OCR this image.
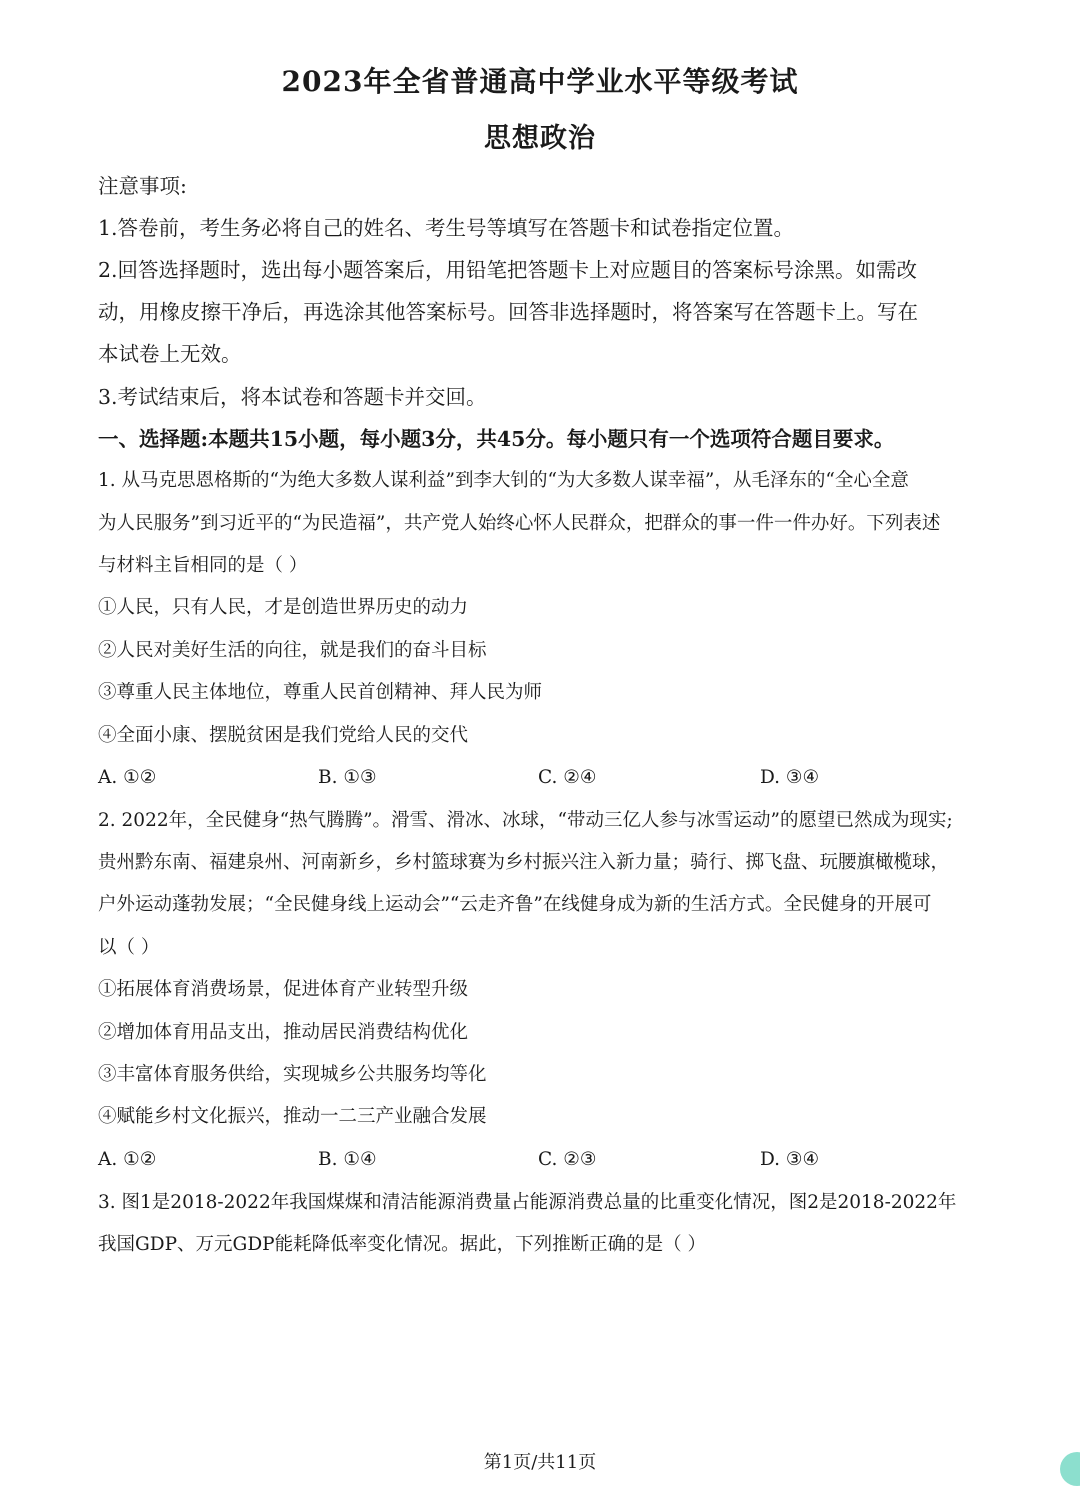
2023年全省普通高中学业水平等级考试
思想政治
注意事项:
1.答卷前，考生务必将自己的姓名、考生号等填写在答题卡和试卷指定位置。
2.回答选择题时，选出每小题答案后，用铅笔把答题卡上对应题目的答案标号涂黑。如需改
动，用橡皮擦干净后，再选涂其他答案标号。回答非选择题时，将答案写在答题卡上。写在
本试卷上无效。
3.考试结束后，将本试卷和答题卡并交回。
一、选择题:本题共15小题，每小题3分，共45分。每小题只有一个选项符合题目要求。
1. 从马克思恩格斯的“为绝大多数人谋利益”到李大钊的“为大多数人谋幸福”，从毛泽东的“全心全意
为人民服务”到习近平的“为民造福”，共产党人始终心怀人民群众，把群众的事一件一件办好。下列表述
与材料主旨相同的是（ ）
①人民，只有人民，才是创造世界历史的动力
②人民对美好生活的向往，就是我们的奋斗目标
③尊重人民主体地位，尊重人民首创精神、拜人民为师
④全面小康、摆脱贫困是我们党给人民的交代
A. ①②	B. ①③	C. ②④	D. ③④
2. 2022年，全民健身“热气腾腾”。滑雪、滑冰、冰球，“带动三亿人参与冰雪运动”的愿望已然成为现实;
贵州黔东南、福建泉州、河南新乡，乡村篮球赛为乡村振兴注入新力量；骑行、掷飞盘、玩腰旗橄榄球，
户外运动蓬勃发展；“全民健身线上运动会”“云走齐鲁”在线健身成为新的生活方式。全民健身的开展可
以（ ）
①拓展体育消费场景，促进体育产业转型升级
②增加体育用品支出，推动居民消费结构优化
③丰富体育服务供给，实现城乡公共服务均等化
④赋能乡村文化振兴，推动一二三产业融合发展
A. ①②	B. ①④	C. ②③	D. ③④
3. 图1是2018-2022年我国煤煤和清洁能源消费量占能源消费总量的比重变化情况，图2是2018-2022年
我国GDP、万元GDP能耗降低率变化情况。据此，下列推断正确的是（ ）
第1页/共11页
